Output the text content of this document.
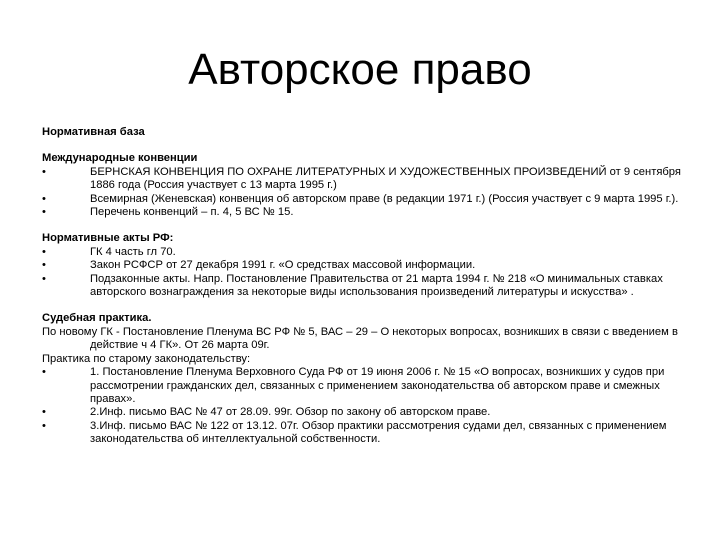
Авторское право

Нормативная база

Международные конвенции

•	БЕРНСКАЯ КОНВЕНЦИЯ ПО ОХРАНЕ ЛИТЕРАТУРНЫХ И ХУДОЖЕСТВЕННЫХ ПРОИЗВЕДЕНИЙ от 9 сентября 1886 года (Россия участвует с 13 марта 1995 г.)
•	Всемирная (Женевская) конвенция об авторском праве (в редакции 1971 г.) (Россия участвует с 9 марта 1995 г.).
•	Перечень конвенций – п. 4, 5 ВС № 15.

Нормативные акты РФ:

•	ГК 4 часть гл 70.
•	Закон РСФСР от 27 декабря 1991 г. «О средствах массовой информации.
•	Подзаконные акты. Напр. Постановление Правительства от 21 марта 1994 г. № 218 «О минимальных ставках авторского вознаграждения за некоторые виды использования произведений литературы и искусства» .

Судебная практика.

По новому ГК - Постановление Пленума ВС РФ № 5, ВАС – 29 – О некоторых вопросах, возникших в связи с введением в действие ч 4 ГК». От 26 марта 09г.

Практика по старому законодательству:

•	1. Постановление Пленума Верховного Суда РФ от 19 июня 2006 г. № 15 «О вопросах, возникших у судов при рассмотрении гражданских дел, связанных с применением законодательства об авторском праве и смежных правах».
•	2.Инф. письмо ВАС № 47 от 28.09. 99г. Обзор по закону об авторском праве.
•	3.Инф. письмо ВАС № 122 от 13.12. 07г. Обзор практики рассмотрения судами дел, связанных с применением законодательства об интеллектуальной собственности.
